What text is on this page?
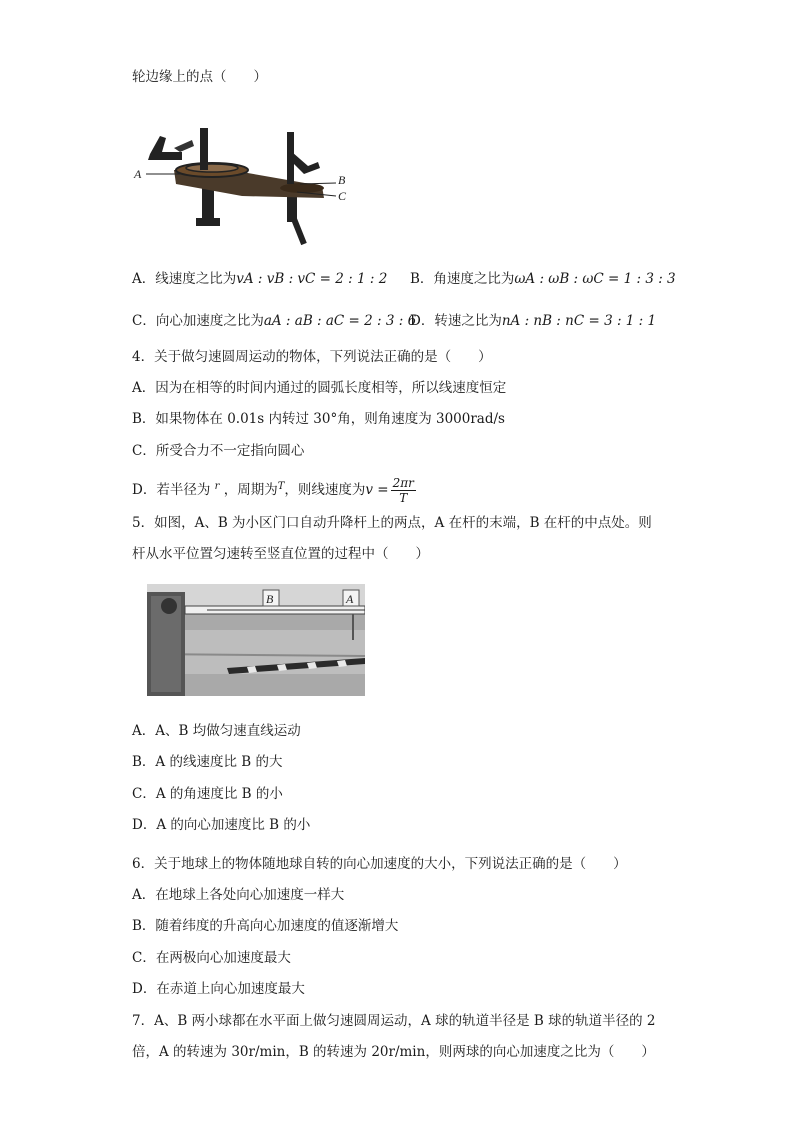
轮边缘上的点（　　）

A	B
C

A．线速度之比为vA : vB : vC = 2 : 1 : 2 B．角速度之比为ωA : ωB : ωC = 1 : 3 : 3

C．向心加速度之比为aA : aB : aC = 2 : 3 : 6

D．转速之比为nA : nB : nC = 3 : 1 : 1

4．关于做匀速圆周运动的物体，下列说法正确的是（　　）

A．因为在相等的时间内通过的圆弧长度相等，所以线速度恒定

B．如果物体在 0.01s 内转过 30°角，则角速度为 3000rad/s

C．所受合力不一定指向圆心

D．若半径为 $^r$ ，周期为$^T$，则线速度为$v = \frac{2\pi r}{T}$

5．如图，A、B 为小区门口自动升降杆上的两点，A 在杆的末端，B 在杆的中点处。则

杆从水平位置匀速转至竖直位置的过程中（　　）

B	A

A．A、B 均做匀速直线运动

B．A 的线速度比 B 的大

C．A 的角速度比 B 的小

D．A 的向心加速度比 B 的小

6．关于地球上的物体随地球自转的向心加速度的大小，下列说法正确的是（　　）

A．在地球上各处向心加速度一样大

B．随着纬度的升高向心加速度的值逐渐增大

C．在两极向心加速度最大

D．在赤道上向心加速度最大

7．A、B 两小球都在水平面上做匀速圆周运动，A 球的轨道半径是 B 球的轨道半径的 2

倍，A 的转速为 30r/min，B 的转速为 20r/min，则两球的向心加速度之比为（　　）
